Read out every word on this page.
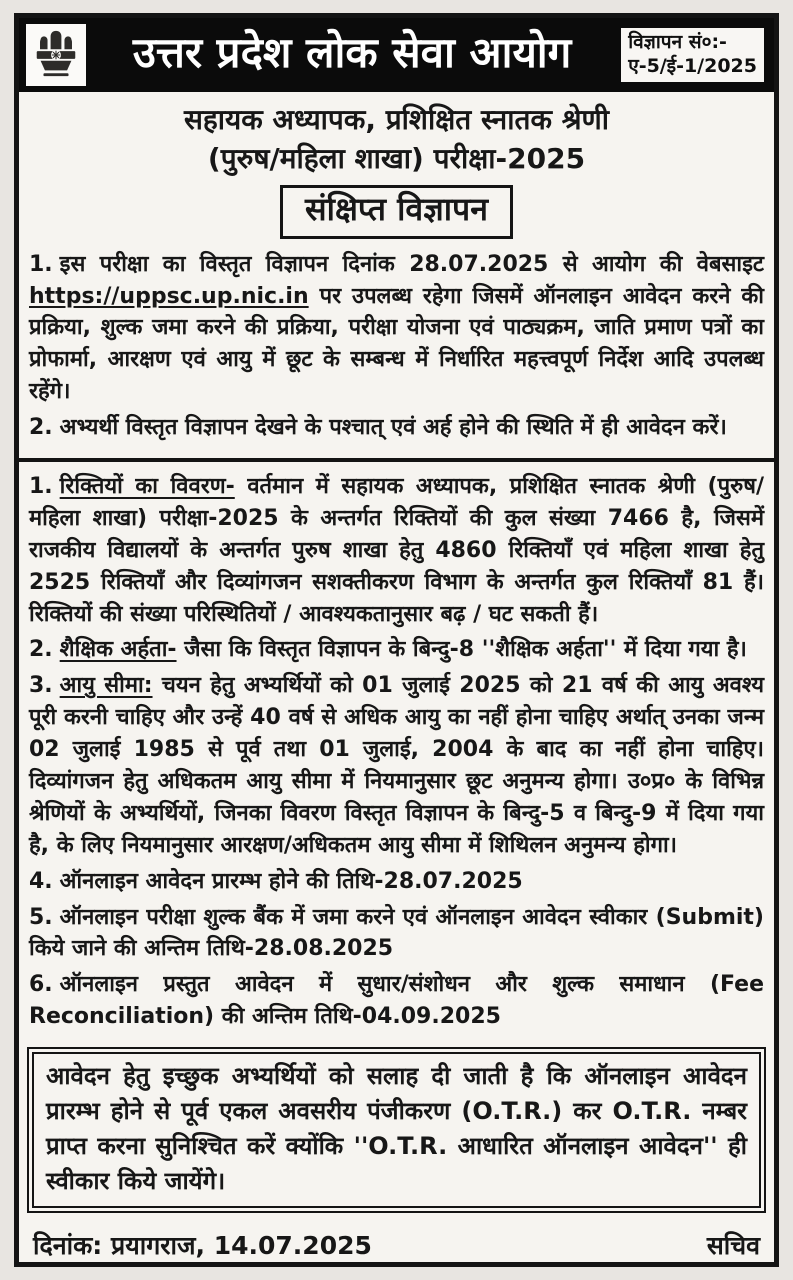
उत्तर प्रदेश लोक सेवा आयोग	विज्ञापन सं०:-
ए-5/ई-1/2025
सहायक अध्यापक, प्रशिक्षित स्नातक श्रेणी
(पुरुष/महिला शाखा) परीक्षा-2025
संक्षिप्त विज्ञापन

1. इस परीक्षा का विस्तृत विज्ञापन दिनांक 28.07.2025 से आयोग की वेबसाइट https://uppsc.up.nic.in पर उपलब्ध रहेगा जिसमें ऑनलाइन आवेदन करने की प्रक्रिया, शुल्क जमा करने की प्रक्रिया, परीक्षा योजना एवं पाठ्यक्रम, जाति प्रमाण पत्रों का प्रोफार्मा, आरक्षण एवं आयु में छूट के सम्बन्ध में निर्धारित महत्त्वपूर्ण निर्देश आदि उपलब्ध रहेंगे।

2. अभ्यर्थी विस्तृत विज्ञापन देखने के पश्चात् एवं अर्ह होने की स्थिति में ही आवेदन करें।

1. रिक्तियों का विवरण- वर्तमान में सहायक अध्यापक, प्रशिक्षित स्नातक श्रेणी (पुरुष/महिला शाखा) परीक्षा-2025 के अन्तर्गत रिक्तियों की कुल संख्या 7466 है, जिसमें राजकीय विद्यालयों के अन्तर्गत पुरुष शाखा हेतु 4860 रिक्तियाँ एवं महिला शाखा हेतु 2525 रिक्तियाँ और दिव्यांगजन सशक्तीकरण विभाग के अन्तर्गत कुल रिक्तियाँ 81 हैं। रिक्तियों की संख्या परिस्थितियों / आवश्यकतानुसार बढ़ / घट सकती हैं।

2. शैक्षिक अर्हता- जैसा कि विस्तृत विज्ञापन के बिन्दु-8 ''शैक्षिक अर्हता'' में दिया गया है।

3. आयु सीमा: चयन हेतु अभ्यर्थियों को 01 जुलाई 2025 को 21 वर्ष की आयु अवश्य पूरी करनी चाहिए और उन्हें 40 वर्ष से अधिक आयु का नहीं होना चाहिए अर्थात् उनका जन्म 02 जुलाई 1985 से पूर्व तथा 01 जुलाई, 2004 के बाद का नहीं होना चाहिए। दिव्यांगजन हेतु अधिकतम आयु सीमा में नियमानुसार छूट अनुमन्य होगा। उ०प्र० के विभिन्न श्रेणियों के अभ्यर्थियों, जिनका विवरण विस्तृत विज्ञापन के बिन्दु-5 व बिन्दु-9 में दिया गया है, के लिए नियमानुसार आरक्षण/अधिकतम आयु सीमा में शिथिलन अनुमन्य होगा।

4. ऑनलाइन आवेदन प्रारम्भ होने की तिथि-28.07.2025

5. ऑनलाइन परीक्षा शुल्क बैंक में जमा करने एवं ऑनलाइन आवेदन स्वीकार (Submit) किये जाने की अन्तिम तिथि-28.08.2025

6. ऑनलाइन प्रस्तुत आवेदन में सुधार/संशोधन और शुल्क समाधान (Fee Reconciliation) की अन्तिम तिथि-04.09.2025

आवेदन हेतु इच्छुक अभ्यर्थियों को सलाह दी जाती है कि ऑनलाइन आवेदन प्रारम्भ होने से पूर्व एकल अवसरीय पंजीकरण (O.T.R.) कर O.T.R. नम्बर प्राप्त करना सुनिश्चित करें क्योंकि ''O.T.R. आधारित ऑनलाइन आवेदन'' ही स्वीकार किये जायेंगे।
दिनांक: प्रयागराज, 14.07.2025	सचिव
